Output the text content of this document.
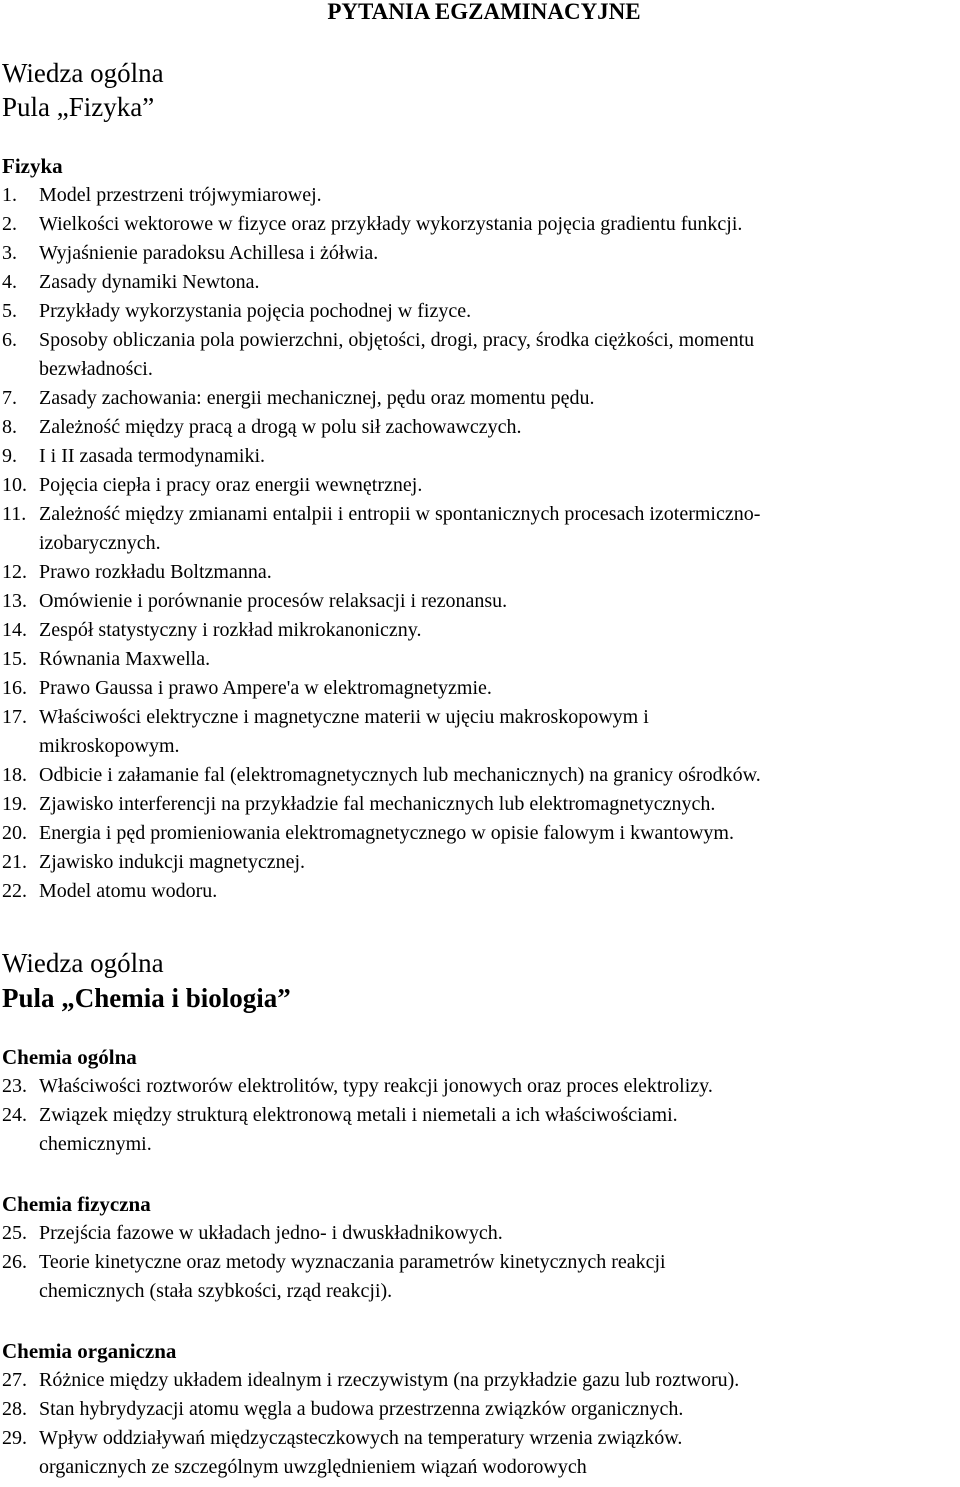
PYTANIA EGZAMINACYJNE
Wiedza ogólna
Pula „Fizyka”
Fizyka
1. Model przestrzeni trójwymiarowej.
2. Wielkości wektorowe w fizyce oraz przykłady wykorzystania pojęcia gradientu funkcji.
3. Wyjaśnienie paradoksu Achillesa i żółwia.
4. Zasady dynamiki Newtona.
5. Przykłady wykorzystania pojęcia pochodnej w fizyce.
6. Sposoby obliczania pola powierzchni, objętości, drogi, pracy, środka ciężkości, momentu
bezwładności.
7. Zasady zachowania: energii mechanicznej, pędu oraz momentu pędu.
8. Zależność między pracą a drogą w polu sił zachowawczych.
9. I i II zasada termodynamiki.
10. Pojęcia ciepła i pracy oraz energii wewnętrznej.
11. Zależność między zmianami entalpii i entropii w spontanicznych procesach izotermiczno-
izobarycznych.
12. Prawo rozkładu Boltzmanna.
13. Omówienie i porównanie procesów relaksacji i rezonansu.
14. Zespół statystyczny i rozkład mikrokanoniczny.
15. Równania Maxwella.
16. Prawo Gaussa i prawo Ampere'a w elektromagnetyzmie.
17. Właściwości elektryczne i magnetyczne materii w ujęciu makroskopowym i
mikroskopowym.
18. Odbicie i załamanie fal (elektromagnetycznych lub mechanicznych) na granicy ośrodków.
19. Zjawisko interferencji na przykładzie fal mechanicznych lub elektromagnetycznych.
20. Energia i pęd promieniowania elektromagnetycznego w opisie falowym i kwantowym.
21. Zjawisko indukcji magnetycznej.
22. Model atomu wodoru.
Wiedza ogólna
Pula „Chemia i biologia”
Chemia ogólna
23. Właściwości roztworów elektrolitów, typy reakcji jonowych oraz proces elektrolizy.
24. Związek między strukturą elektronową metali i niemetali a ich właściwościami.
chemicznymi.
Chemia fizyczna
25. Przejścia fazowe w układach jedno- i dwuskładnikowych.
26. Teorie kinetyczne oraz metody wyznaczania parametrów kinetycznych reakcji
chemicznych (stała szybkości, rząd reakcji).
Chemia organiczna
27. Różnice między układem idealnym i rzeczywistym (na przykładzie gazu lub roztworu).
28. Stan hybrydyzacji atomu węgla a budowa przestrzenna związków organicznych.
29. Wpływ oddziaływań międzycząsteczkowych na temperatury wrzenia związków.
organicznych ze szczególnym uwzględnieniem wiązań wodorowych
